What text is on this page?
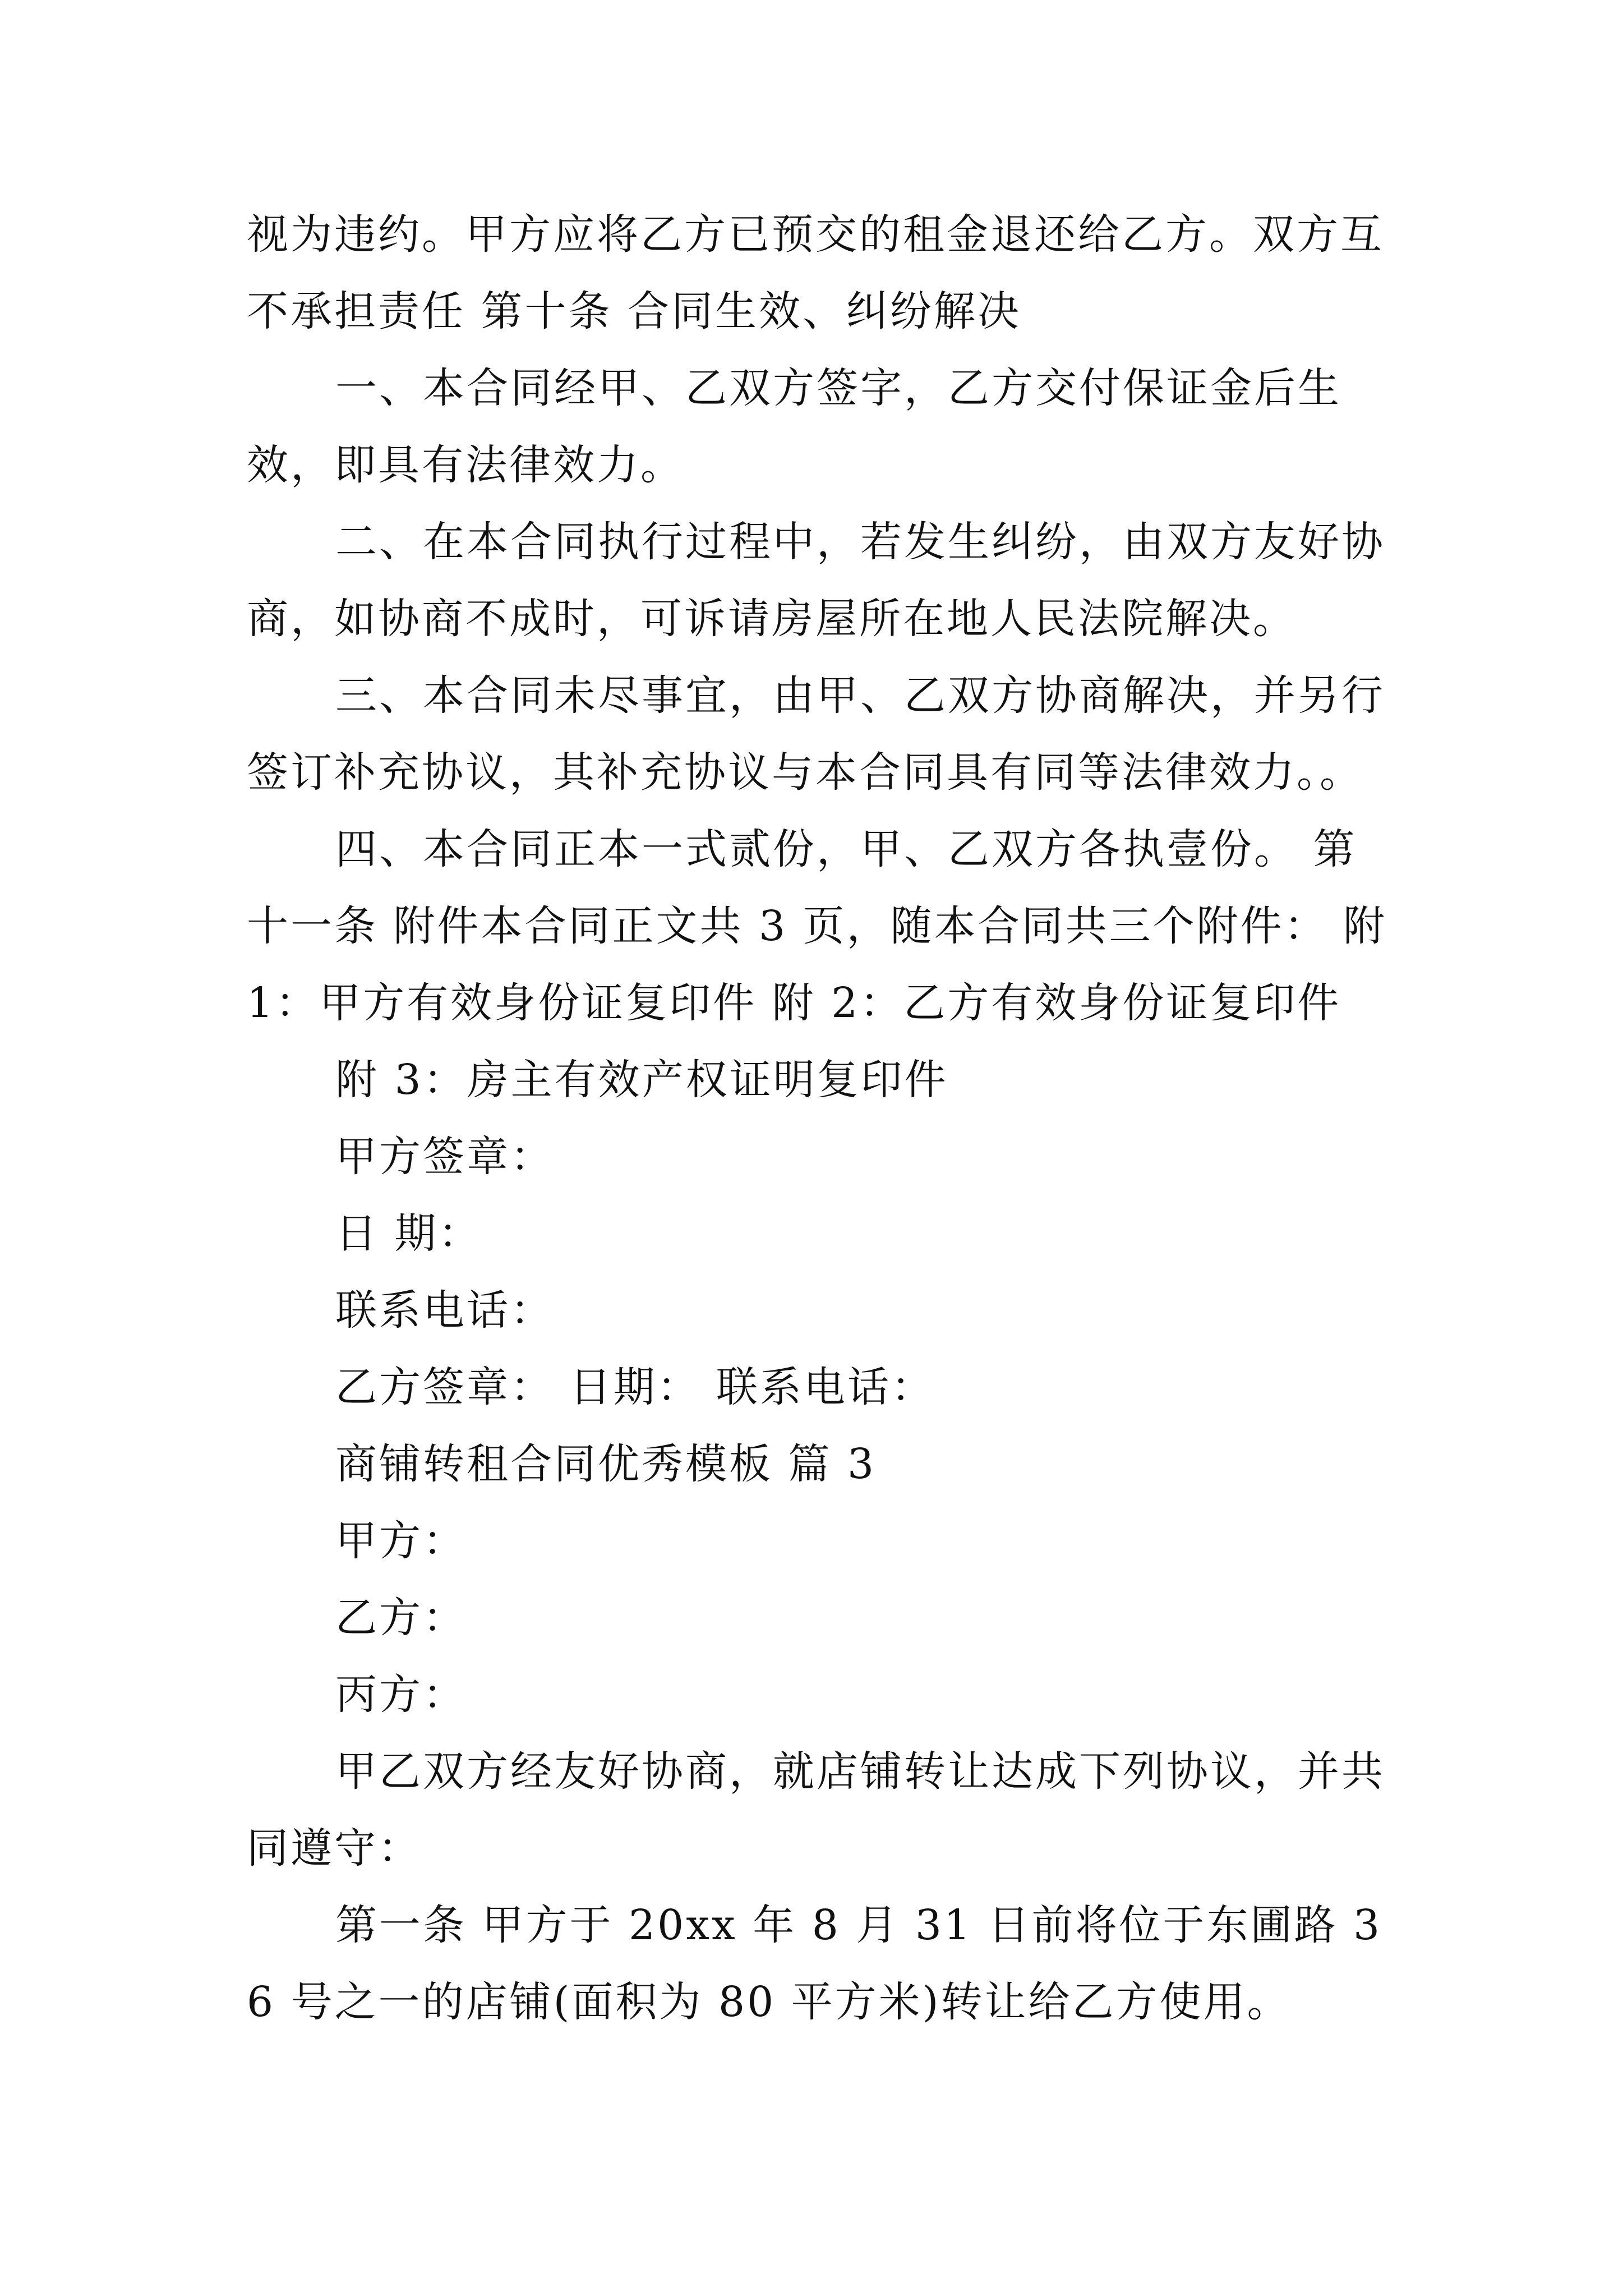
视为违约。甲方应将乙方已预交的租金退还给乙方。双方互不承担责任 第十条 合同生效、纠纷解决

一、本合同经甲、乙双方签字，乙方交付保证金后生效，即具有法律效力。

二、在本合同执行过程中，若发生纠纷，由双方友好协商，如协商不成时，可诉请房屋所在地人民法院解决。

三、本合同未尽事宜，由甲、乙双方协商解决，并另行签订补充协议，其补充协议与本合同具有同等法律效力。。

四、本合同正本一式贰份，甲、乙双方各执壹份。 第十一条 附件本合同正文共 3 页，随本合同共三个附件： 附 1：甲方有效身份证复印件 附 2：乙方有效身份证复印件

附 3：房主有效产权证明复印件

甲方签章：

日 期：

联系电话：

乙方签章： 日期： 联系电话：

商铺转租合同优秀模板 篇 3

甲方：

乙方：

丙方：

甲乙双方经友好协商，就店铺转让达成下列协议，并共同遵守：

第一条 甲方于 20xx 年 8 月 31 日前将位于东圃路 36 号之一的店铺(面积为 80 平方米)转让给乙方使用。
